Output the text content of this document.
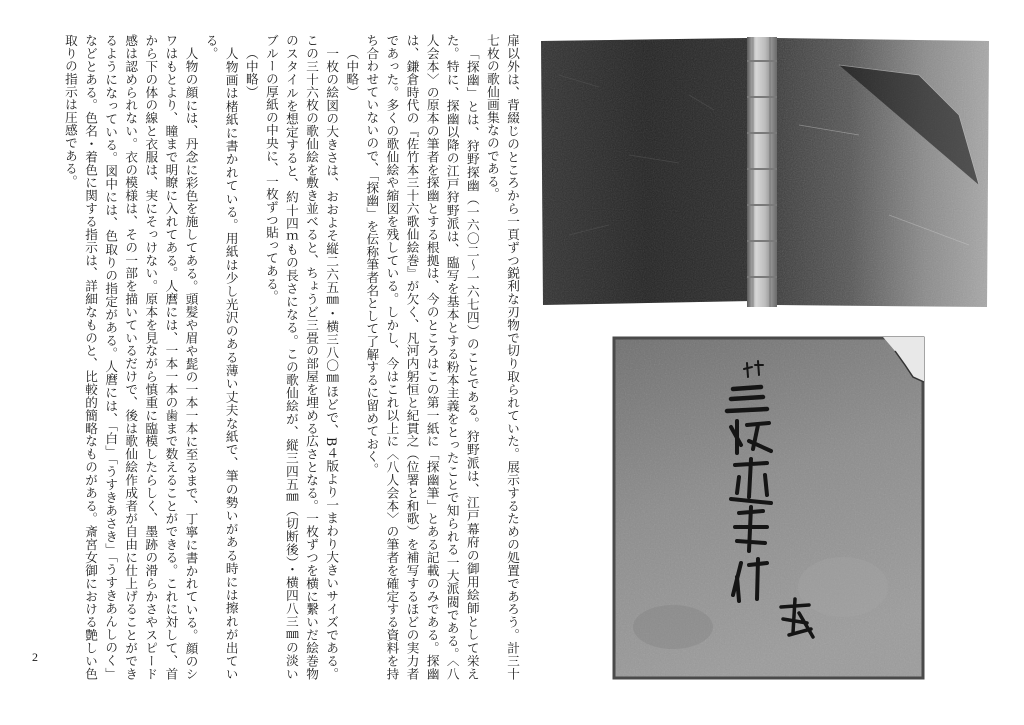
扉以外は、背綴じのところから一頁ずつ鋭利な刃物で切り取られていた。展示するための処置であろう。計三十七枚の歌仙画集なのである。

「探幽」とは、狩野探幽（一六〇二～一六七四）のことである。狩野派は、江戸幕府の御用絵師として栄えた。特に、探幽以降の江戸狩野派は、臨写を基本とする粉本主義をとったことで知られる一大派閥である。〈八人会本〉の原本の筆者を探幽とする根拠は、今のところはこの第一紙に「探幽筆」とある記載のみである。探幽は、鎌倉時代の『佐竹本三十六歌仙絵巻』が欠く、凡河内躬恒と紀貫之（位署と和歌）を補写するほどの実力者であった。多くの歌仙絵や縮図を残している。しかし、今はこれ以上に〈八人会本〉の筆者を確定する資料を持ち合わせていないので、「探幽」を伝称筆者名として了解するに留めておく。

（中略）

一枚の絵図の大きさは、おおよそ縦二六五㎜・横三八〇㎜ほどで、B４版より一まわり大きいサイズである。この三十六枚の歌仙絵を敷き並べると、ちょうど三畳の部屋を埋める広さとなる。一枚ずつを横に繋いだ絵巻物のスタイルを想定すると、約十四ｍもの長さになる。この歌仙絵が、縦三四五㎜（切断後）・横四八三㎜の淡いブルーの厚紙の中央に、一枚ずつ貼ってある。

（中略）

人物画は楮紙に書かれている。用紙は少し光沢のある薄い丈夫な紙で、筆の勢いがある時には擦れが出ている。

人物の顔には、丹念に彩色を施してある。頭髪や眉や髭の一本一本に至るまで、丁寧に書かれている。顔のシワはもとより、瞳まで明瞭に入れてある。人麿には、一本一本の歯まで数えることができる。これに対して、首から下の体の線と衣服は、実にそっけない。原本を見ながら慎重に臨模したらしく、墨跡の滑らかさやスピード感は認められない。衣の模様は、その一部を描いているだけで、後は歌仙絵作成者が自由に仕上げることができるようになっている。図中には、色取りの指定がある。人麿には、「白」「うすきあさき」「うすきあんしのく」などとある。色名・着色に関する指示は、詳細なものと、比較的簡略なものがある。斎宮女御における艶しい色取りの指示は圧感である。

2
